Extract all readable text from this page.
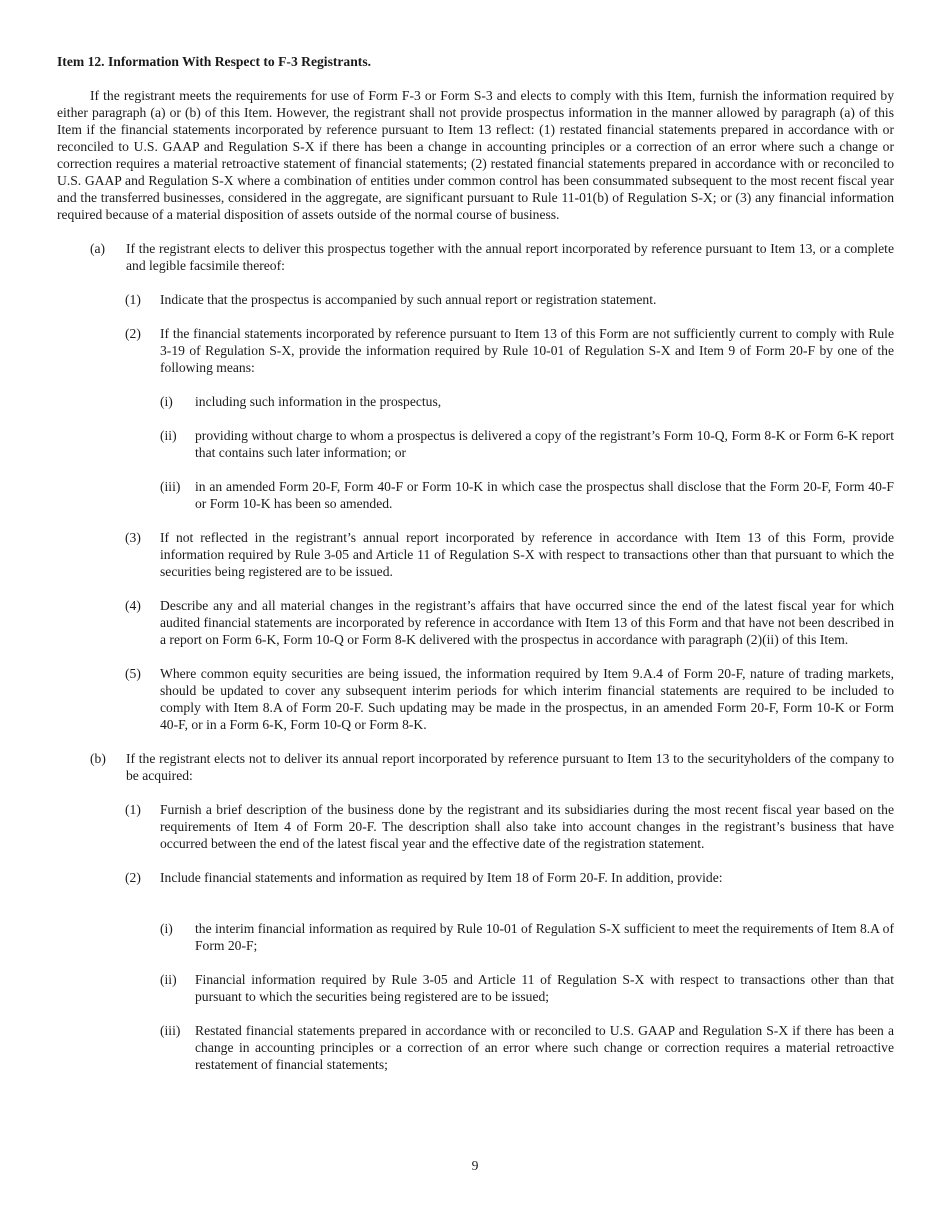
Item 12. Information With Respect to F-3 Registrants.

If the registrant meets the requirements for use of Form F-3 or Form S-3 and elects to comply with this Item, furnish the information required by either paragraph (a) or (b) of this Item. However, the registrant shall not provide prospectus information in the manner allowed by paragraph (a) of this Item if the financial statements incorporated by reference pursuant to Item 13 reflect: (1) restated financial statements prepared in accordance with or reconciled to U.S. GAAP and Regulation S-X if there has been a change in accounting principles or a correction of an error where such a change or correction requires a material retroactive statement of financial statements; (2) restated financial statements prepared in accordance with or reconciled to U.S. GAAP and Regulation S-X where a combination of entities under common control has been consummated subsequent to the most recent fiscal year and the transferred businesses, considered in the aggregate, are significant pursuant to Rule 11-01(b) of Regulation S-X; or (3) any financial information required because of a material disposition of assets outside of the normal course of business.

(a)	If the registrant elects to deliver this prospectus together with the annual report incorporated by reference pursuant to Item 13, or a complete and legible facsimile thereof:
(1)	Indicate that the prospectus is accompanied by such annual report or registration statement.
(2)	If the financial statements incorporated by reference pursuant to Item 13 of this Form are not sufficiently current to comply with Rule 3-19 of Regulation S-X, provide the information required by Rule 10-01 of Regulation S-X and Item 9 of Form 20-F by one of the following means:
(i)	including such information in the prospectus,
(ii)	providing without charge to whom a prospectus is delivered a copy of the registrant’s Form 10-Q, Form 8-K or Form 6-K report that contains such later information; or
(iii)	in an amended Form 20-F, Form 40-F or Form 10-K in which case the prospectus shall disclose that the Form 20-F, Form 40-F or Form 10-K has been so amended.
(3)	If not reflected in the registrant’s annual report incorporated by reference in accordance with Item 13 of this Form, provide information required by Rule 3-05 and Article 11 of Regulation S-X with respect to transactions other than that pursuant to which the securities being registered are to be issued.
(4)	Describe any and all material changes in the registrant’s affairs that have occurred since the end of the latest fiscal year for which audited financial statements are incorporated by reference in accordance with Item 13 of this Form and that have not been described in a report on Form 6-K, Form 10-Q or Form 8-K delivered with the prospectus in accordance with paragraph (2)(ii) of this Item.
(5)	Where common equity securities are being issued, the information required by Item 9.A.4 of Form 20-F, nature of trading markets, should be updated to cover any subsequent interim periods for which interim financial statements are required to be included to comply with Item 8.A of Form 20-F. Such updating may be made in the prospectus, in an amended Form 20-F, Form 10-K or Form 40-F, or in a Form 6-K, Form 10-Q or Form 8-K.
(b)	If the registrant elects not to deliver its annual report incorporated by reference pursuant to Item 13 to the securityholders of the company to be acquired:
(1)	Furnish a brief description of the business done by the registrant and its subsidiaries during the most recent fiscal year based on the requirements of Item 4 of Form 20-F. The description shall also take into account changes in the registrant’s business that have occurred between the end of the latest fiscal year and the effective date of the registration statement.
(2)	Include financial statements and information as required by Item 18 of Form 20-F. In addition, provide:
(i)	the interim financial information as required by Rule 10-01 of Regulation S-X sufficient to meet the requirements of Item 8.A of Form 20-F;
(ii)	Financial information required by Rule 3-05 and Article 11 of Regulation S-X with respect to transactions other than that pursuant to which the securities being registered are to be issued;
(iii)	Restated financial statements prepared in accordance with or reconciled to U.S. GAAP and Regulation S-X if there has been a change in accounting principles or a correction of an error where such change or correction requires a material retroactive restatement of financial statements;
9
